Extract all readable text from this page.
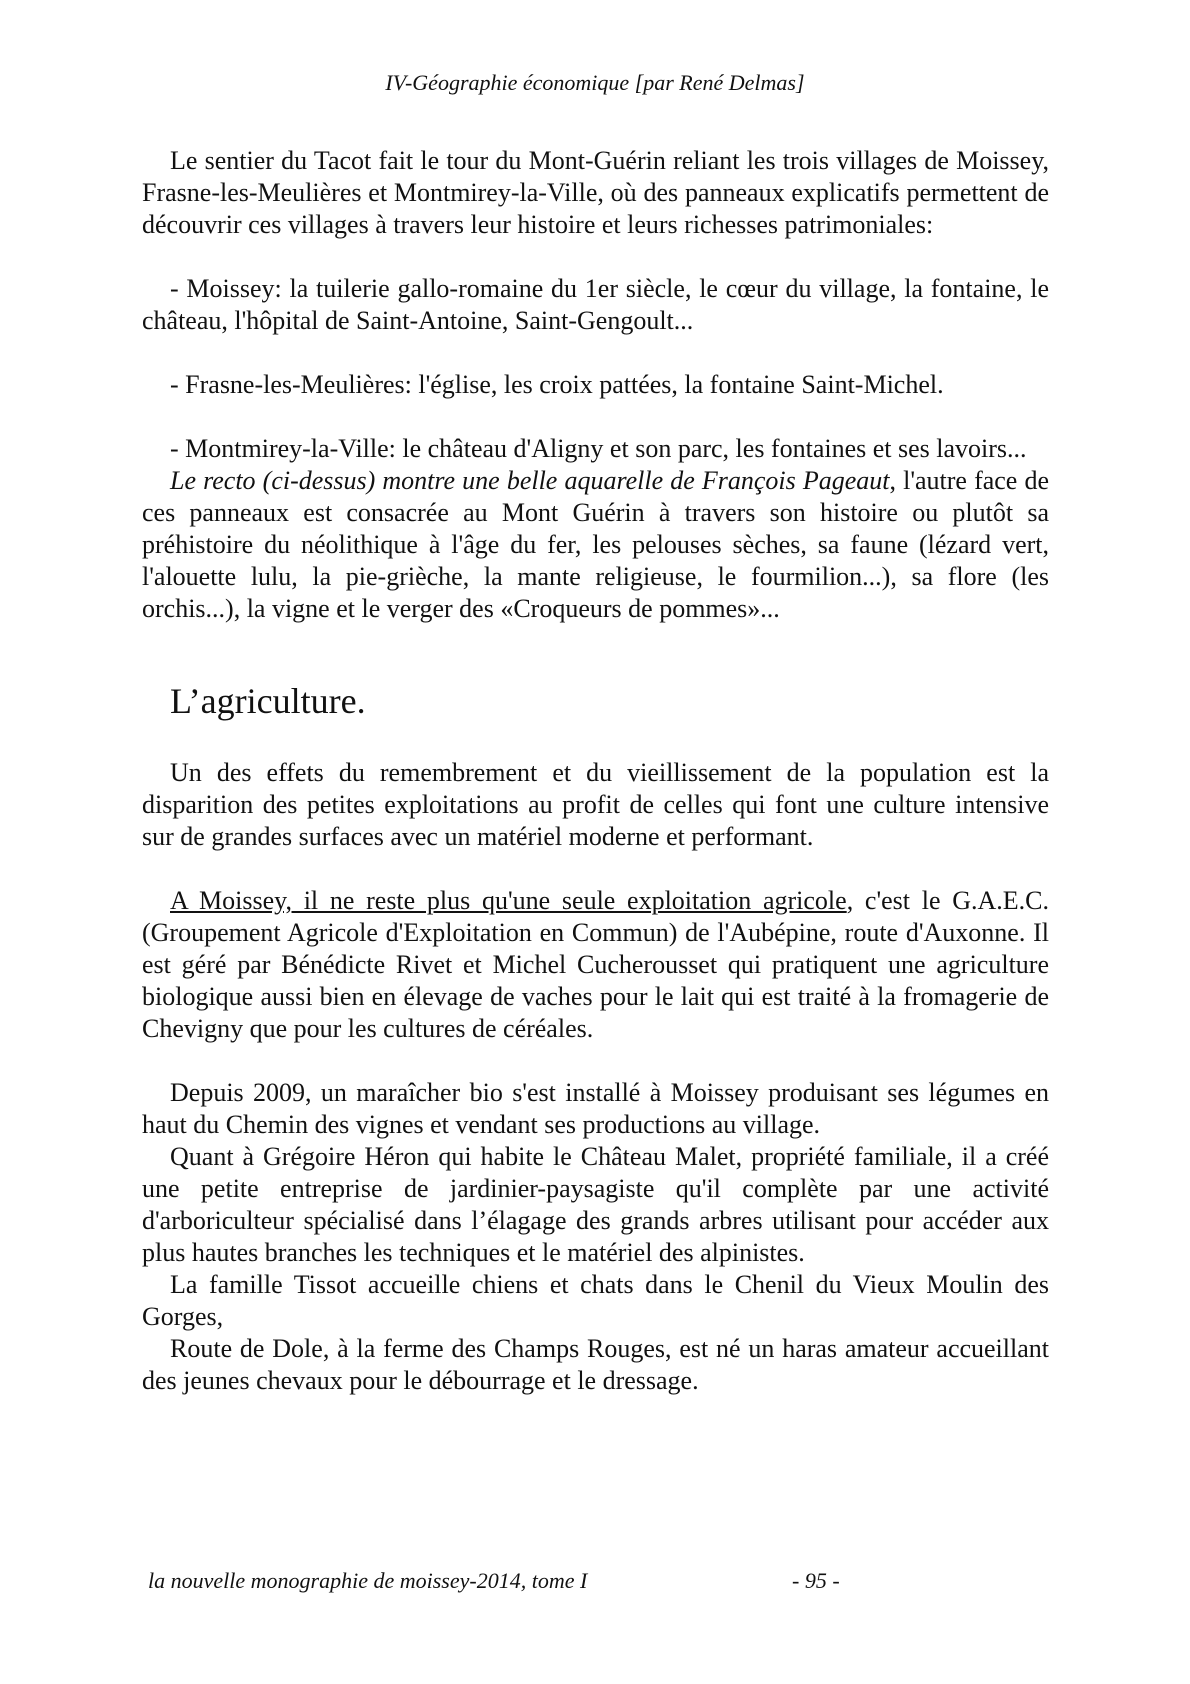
IV-Géographie économique [par René Delmas]

Le sentier du Tacot fait le tour du Mont-Guérin reliant les trois villages de Moissey, Frasne-les-Meulières et Montmirey-la-Ville, où des panneaux explicatifs permettent de découvrir ces villages à travers leur histoire et leurs richesses patrimoniales:

- Moissey: la tuilerie gallo-romaine du 1er siècle, le cœur du village, la fontaine, le château, l'hôpital de Saint-Antoine, Saint-Gengoult...

- Frasne-les-Meulières: l'église, les croix pattées, la fontaine Saint-Michel.

- Montmirey-la-Ville: le château d'Aligny et son parc, les fontaines et ses lavoirs...

Le recto (ci-dessus) montre une belle aquarelle de François Pageaut, l'autre face de ces panneaux est consacrée au Mont Guérin à travers son histoire ou plutôt sa préhistoire du néolithique à l'âge du fer, les pelouses sèches, sa faune (lézard vert, l'alouette lulu, la pie-grièche, la mante religieuse, le fourmilion...), sa flore (les orchis...), la vigne et le verger des «Croqueurs de pommes»...

L’agriculture.

Un des effets du remembrement et du vieillissement de la population est la disparition des petites exploitations au profit de celles qui font une culture intensive sur de grandes surfaces avec un matériel moderne et performant.

A Moissey, il ne reste plus qu'une seule exploitation agricole, c'est le G.A.E.C. (Groupement Agricole d'Exploitation en Commun) de l'Aubépine, route d'Auxonne. Il est géré par Bénédicte Rivet et Michel Cucherousset qui pratiquent une agriculture biologique aussi bien en élevage de vaches pour le lait qui est traité à la fromagerie de Chevigny que pour les cultures de céréales.

Depuis 2009, un maraîcher bio s'est installé à Moissey produisant ses légumes en haut du Chemin des vignes et vendant ses productions au village.

Quant à Grégoire Héron qui habite le Château Malet, propriété familiale, il a créé une petite entreprise de jardinier-paysagiste qu'il complète par une activité d'arboriculteur spécialisé dans l’élagage des grands arbres utilisant pour accéder aux plus hautes branches les techniques et le matériel des alpinistes.

La famille Tissot accueille chiens et chats dans le Chenil du Vieux Moulin des Gorges,

Route de Dole, à la ferme des Champs Rouges, est né un haras amateur accueillant des jeunes chevaux pour le débourrage et le dressage.

la nouvelle monographie de moissey-2014, tome I	- 95 -
